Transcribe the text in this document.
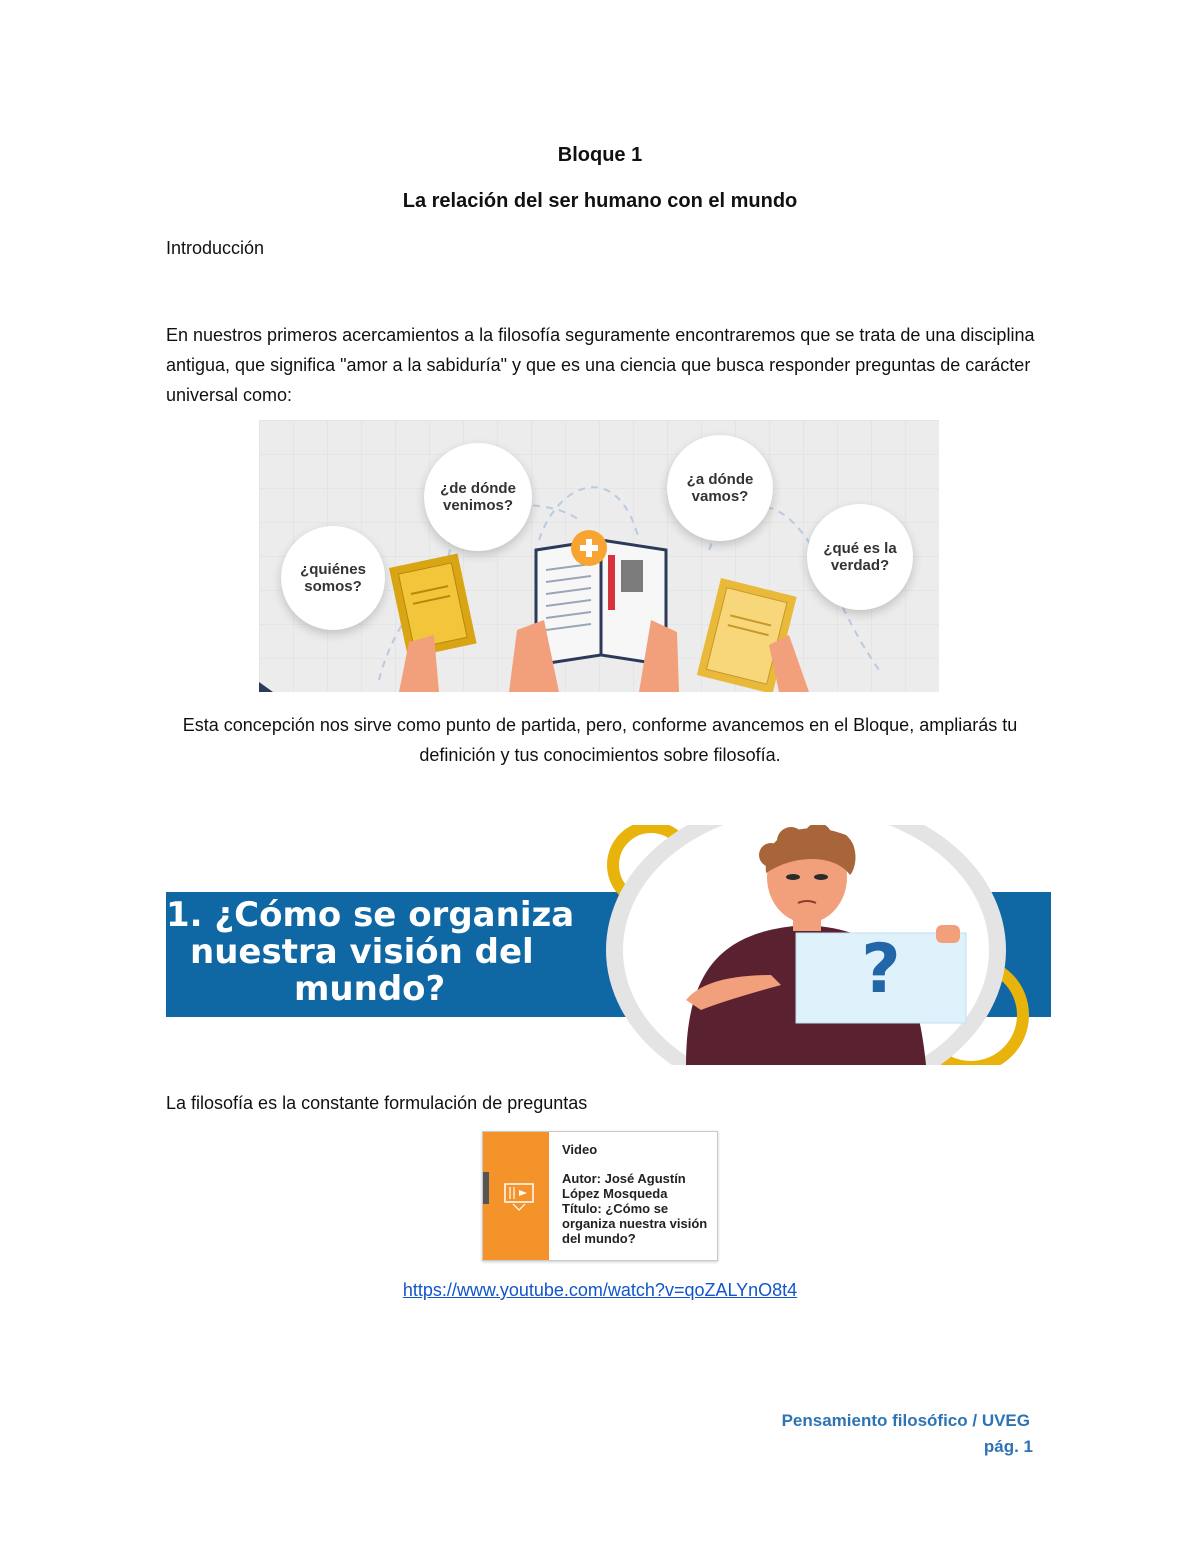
Bloque 1
La relación del ser humano con el mundo
Introducción
En nuestros primeros acercamientos a la filosofía seguramente encontraremos que se trata de una disciplina antigua, que significa "amor a la sabiduría" y que es una ciencia que busca responder preguntas de carácter universal como:
¿quiénes somos?
¿de dónde venimos?
¿a dónde vamos?
¿qué es la verdad?
Esta concepción nos sirve como punto de partida, pero, conforme avancemos en el Bloque, ampliarás tu definición y tus conocimientos sobre filosofía.
1. ¿Cómo se organiza
nuestra visión del
mundo?	?
La filosofía es la constante formulación de preguntas
Video
Autor: José Agustín López Mosqueda
Título: ¿Cómo se organiza nuestra visión del mundo?
https://www.youtube.com/watch?v=qoZALYnO8t4
Pensamiento filosófico / UVEG
pág. 1
